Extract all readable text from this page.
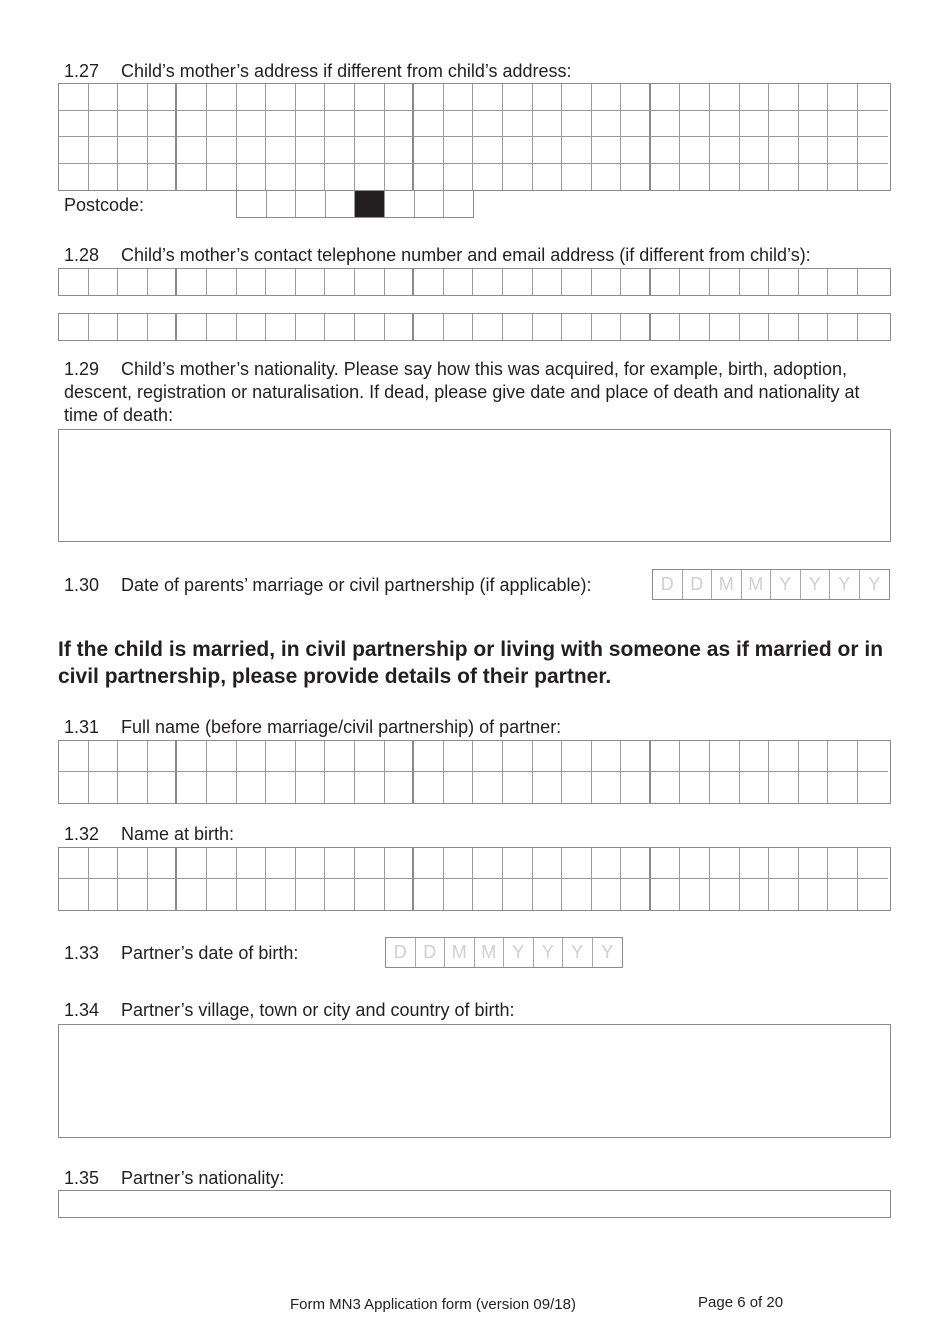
1.27 Child’s mother’s address if different from child’s address:
Postcode:
1.28 Child’s mother’s contact telephone number and email address (if different from child’s):
1.29 Child’s mother’s nationality. Please say how this was acquired, for example, birth, adoption, descent, registration or naturalisation. If dead, please give date and place of death and nationality at time of death:
1.30 Date of parents’ marriage or civil partnership (if applicable):	D D M M Y Y Y Y
If the child is married, in civil partnership or living with someone as if married or in civil partnership, please provide details of their partner.
1.31 Full name (before marriage/civil partnership) of partner:
1.32 Name at birth:
1.33 Partner’s date of birth:	D D M M Y Y Y Y
1.34 Partner’s village, town or city and country of birth:
1.35 Partner’s nationality:
Form MN3 Application form (version 09/18)	Page 6 of 20
